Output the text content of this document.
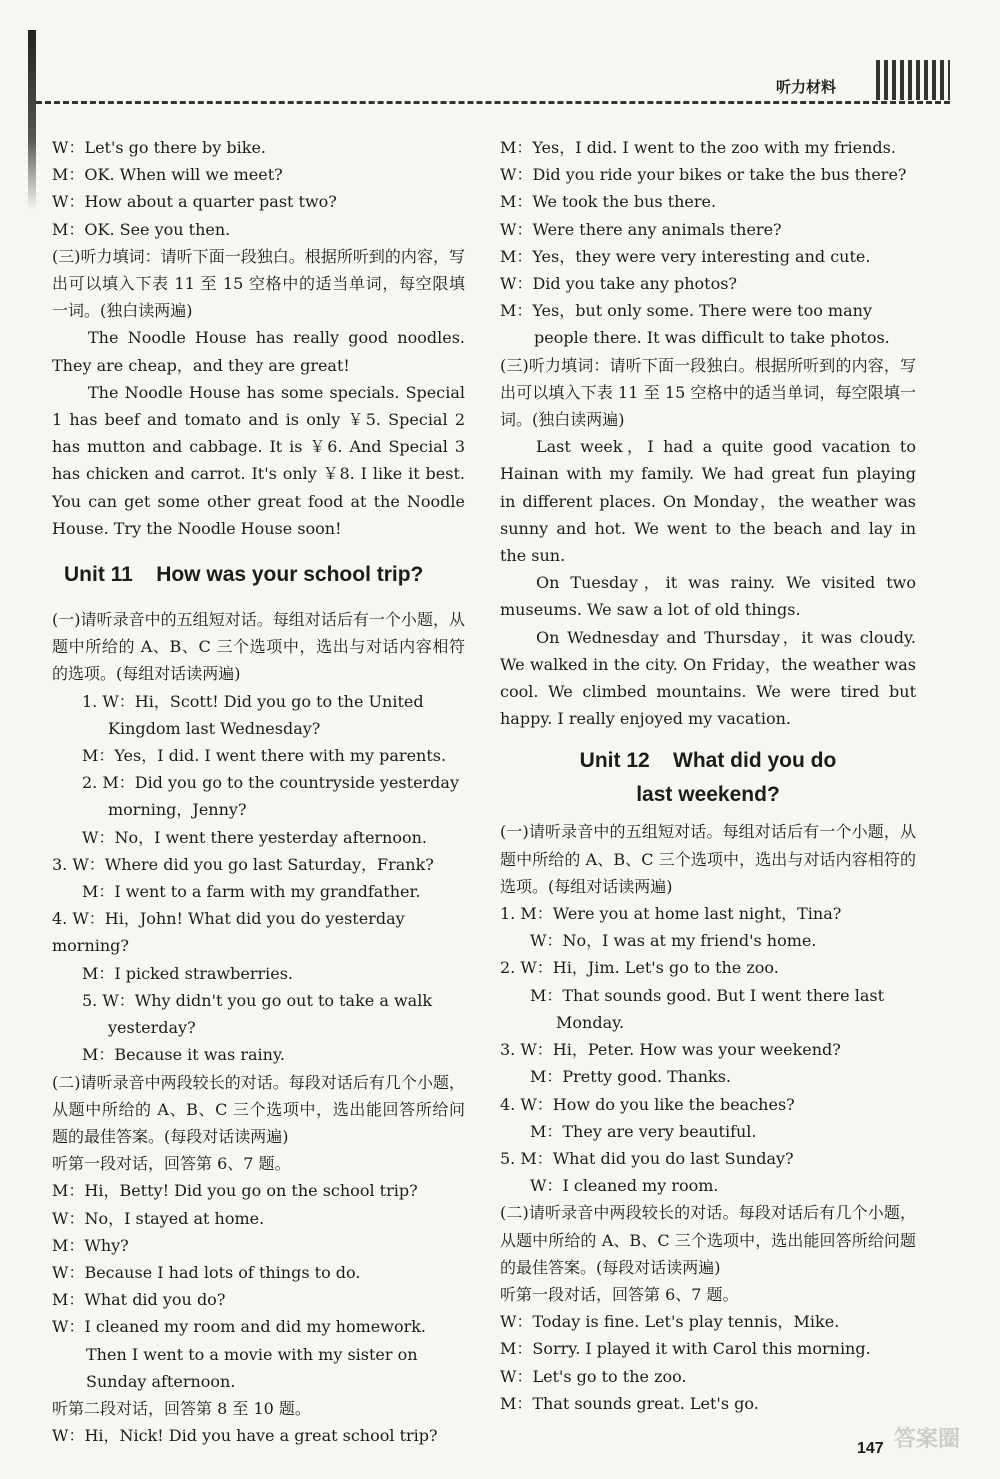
听力材料

W：Let's go there by bike.

M：OK. When will we meet?

W：How about a quarter past two?

M：OK. See you then.

(三)听力填词：请听下面一段独白。根据所听到的内容，写出可以填入下表 11 至 15 空格中的适当单词，每空限填一词。(独白读两遍)

The Noodle House has really good noodles. They are cheap，and they are great!

The Noodle House has some specials. Special 1 has beef and tomato and is only ￥5. Special 2 has mutton and cabbage. It is ￥6. And Special 3 has chicken and carrot. It's only ￥8. I like it best. You can get some other great food at the Noodle House. Try the Noodle House soon!

Unit 11    How was your school trip?

(一)请听录音中的五组短对话。每组对话后有一个小题，从题中所给的 A、B、C 三个选项中，选出与对话内容相符的选项。(每组对话读两遍)

1. W：Hi，Scott! Did you go to the United Kingdom last Wednesday?

M：Yes，I did. I went there with my parents.

2. M：Did you go to the countryside yesterday morning，Jenny?

W：No，I went there yesterday afternoon.

3. W：Where did you go last Saturday，Frank?

M：I went to a farm with my grandfather.

4. W：Hi，John! What did you do yesterday morning?

M：I picked strawberries.

5. W：Why didn't you go out to take a walk yesterday?

M：Because it was rainy.

(二)请听录音中两段较长的对话。每段对话后有几个小题，从题中所给的 A、B、C 三个选项中，选出能回答所给问题的最佳答案。(每段对话读两遍)

听第一段对话，回答第 6、7 题。

M：Hi，Betty! Did you go on the school trip?

W：No，I stayed at home.

M：Why?

W：Because I had lots of things to do.

M：What did you do?

W：I cleaned my room and did my homework. Then I went to a movie with my sister on Sunday afternoon.

听第二段对话，回答第 8 至 10 题。

W：Hi，Nick! Did you have a great school trip?

M：Yes，I did. I went to the zoo with my friends.

W：Did you ride your bikes or take the bus there?

M：We took the bus there.

W：Were there any animals there?

M：Yes，they were very interesting and cute.

W：Did you take any photos?

M：Yes，but only some. There were too many people there. It was difficult to take photos.

(三)听力填词：请听下面一段独白。根据所听到的内容，写出可以填入下表 11 至 15 空格中的适当单词，每空限填一词。(独白读两遍)

Last week，I had a quite good vacation to Hainan with my family. We had great fun playing in different places. On Monday，the weather was sunny and hot. We went to the beach and lay in the sun.

On Tuesday，it was rainy. We visited two museums. We saw a lot of old things.

On Wednesday and Thursday，it was cloudy. We walked in the city. On Friday，the weather was cool. We climbed mountains. We were tired but happy. I really enjoyed my vacation.

Unit 12    What did you do
last weekend?

(一)请听录音中的五组短对话。每组对话后有一个小题，从题中所给的 A、B、C 三个选项中，选出与对话内容相符的选项。(每组对话读两遍)

1. M：Were you at home last night，Tina?

W：No，I was at my friend's home.

2. W：Hi，Jim. Let's go to the zoo.

M：That sounds good. But I went there last Monday.

3. W：Hi，Peter. How was your weekend?

M：Pretty good. Thanks.

4. W：How do you like the beaches?

M：They are very beautiful.

5. M：What did you do last Sunday?

W：I cleaned my room.

(二)请听录音中两段较长的对话。每段对话后有几个小题，从题中所给的 A、B、C 三个选项中，选出能回答所给问题的最佳答案。(每段对话读两遍)

听第一段对话，回答第 6、7 题。

W：Today is fine. Let's play tennis，Mike.

M：Sorry. I played it with Carol this morning.

W：Let's go to the zoo.

M：That sounds great. Let's go.

147 答案圈
